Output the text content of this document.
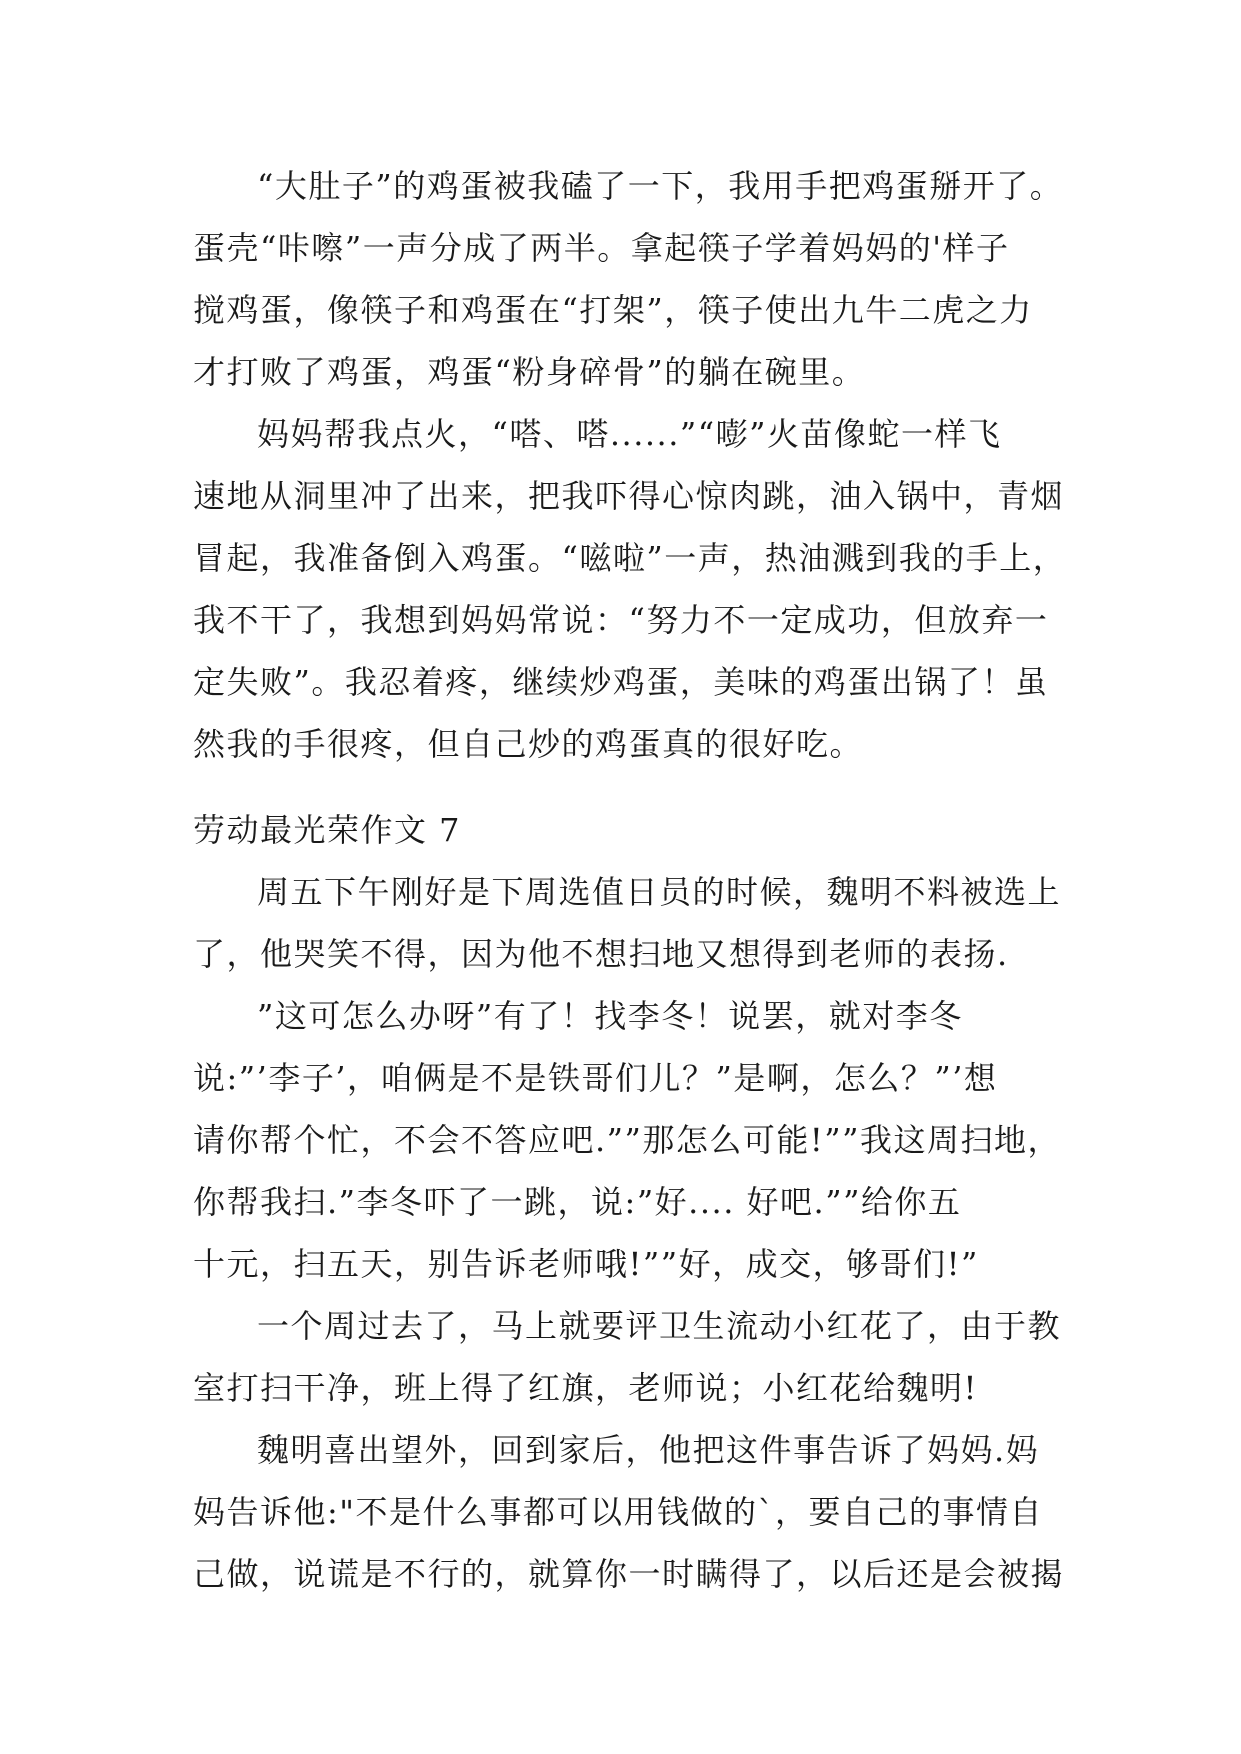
“大肚子”的鸡蛋被我磕了一下，我用手把鸡蛋掰开了。
蛋壳“咔嚓”一声分成了两半。拿起筷子学着妈妈的'样子
搅鸡蛋，像筷子和鸡蛋在“打架”，筷子使出九牛二虎之力
才打败了鸡蛋，鸡蛋“粉身碎骨”的躺在碗里。
妈妈帮我点火，“嗒、嗒......”“嘭”火苗像蛇一样飞
速地从洞里冲了出来，把我吓得心惊肉跳，油入锅中，青烟
冒起，我准备倒入鸡蛋。“嗞啦”一声，热油溅到我的手上，
我不干了，我想到妈妈常说：“努力不一定成功，但放弃一
定失败”。我忍着疼，继续炒鸡蛋，美味的鸡蛋出锅了！虽
然我的手很疼，但自己炒的鸡蛋真的很好吃。
劳动最光荣作文 7
周五下午刚好是下周选值日员的时候，魏明不料被选上
了，他哭笑不得，因为他不想扫地又想得到老师的表扬.
”这可怎么办呀”有了！找李冬！说罢，就对李冬
说:”’李子’，咱俩是不是铁哥们儿？”是啊，怎么？”’想
请你帮个忙，不会不答应吧.””那怎么可能!””我这周扫地，
你帮我扫.”李冬吓了一跳，说:”好.... 好吧.””给你五
十元，扫五天，别告诉老师哦!””好，成交，够哥们!”
一个周过去了，马上就要评卫生流动小红花了，由于教
室打扫干净，班上得了红旗，老师说；小红花给魏明!
魏明喜出望外，回到家后，他把这件事告诉了妈妈.妈
妈告诉他:"不是什么事都可以用钱做的`，要自己的事情自
己做，说谎是不行的，就算你一时瞒得了，以后还是会被揭
